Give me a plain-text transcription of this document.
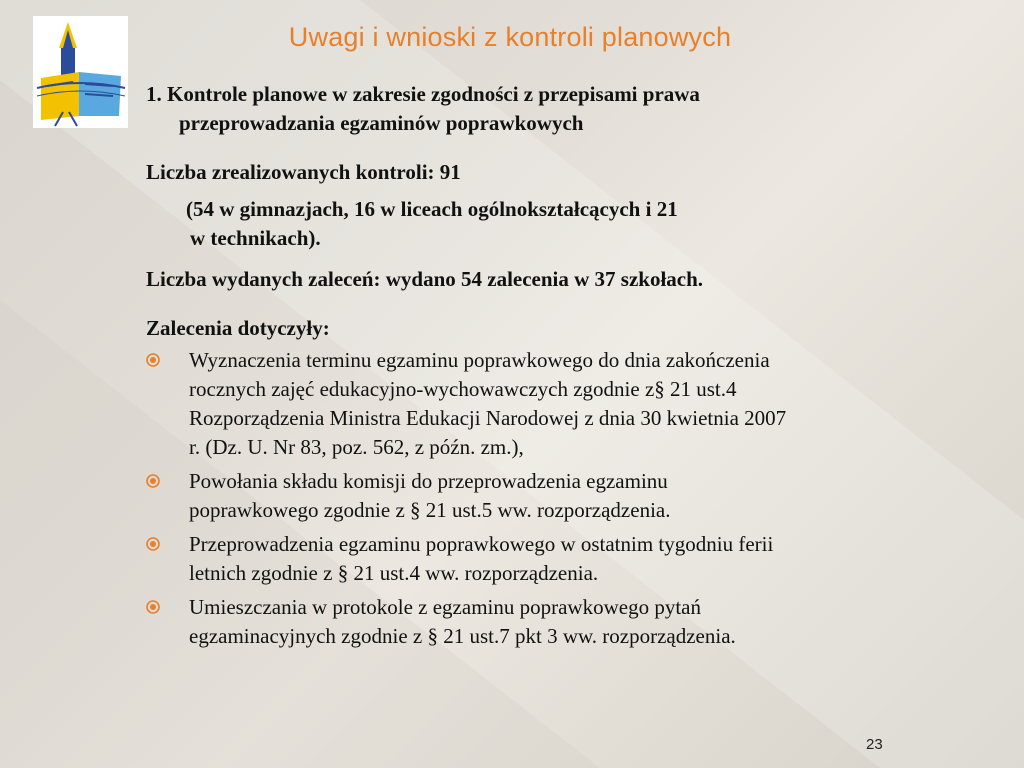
Uwagi i wnioski z kontroli planowych
1. Kontrole planowe w zakresie zgodności z przepisami prawa
przeprowadzania egzaminów poprawkowych
Liczba zrealizowanych kontroli: 91
(54 w gimnazjach, 16 w liceach ogólnokształcących i 21
w technikach).
Liczba wydanych zaleceń: wydano 54 zalecenia w 37 szkołach.
Zalecenia dotyczyły:
Wyznaczenia terminu egzaminu poprawkowego do dnia zakończenia
rocznych zajęć edukacyjno-wychowawczych zgodnie z§ 21 ust.4
Rozporządzenia Ministra Edukacji Narodowej z dnia 30 kwietnia 2007
r. (Dz. U. Nr 83, poz. 562, z późn. zm.),
Powołania składu komisji do przeprowadzenia egzaminu
poprawkowego zgodnie z § 21 ust.5 ww. rozporządzenia.
Przeprowadzenia egzaminu poprawkowego w ostatnim tygodniu ferii
letnich zgodnie z § 21 ust.4 ww. rozporządzenia.
Umieszczania w protokole z egzaminu poprawkowego pytań
egzaminacyjnych zgodnie z § 21 ust.7 pkt 3 ww. rozporządzenia.
23
